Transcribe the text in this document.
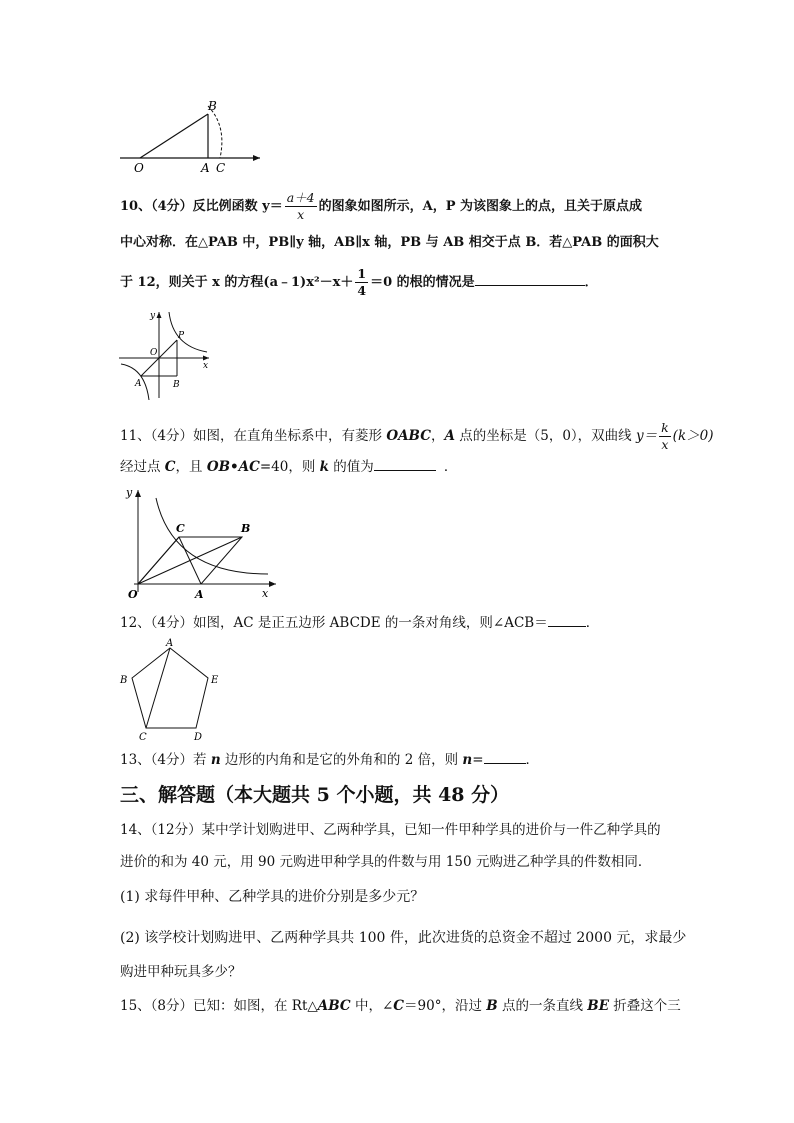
B
O	A C
10、（4分）反比例函数 $y= \frac{a+4}{x}$ 的图象如图所示，A，P 为该图象上的点，且关于原点成
中心对称．在△PAB 中，PB∥y 轴，AB∥x 轴，PB 与 AB 相交于点 B．若△PAB 的面积大
于 12，则关于 x 的方程(a﹣1)x²－x＋ $\frac{1}{4} =0$ 的根的情况是	．
y
P
O
x
A	B
11、（4分）如图，在直角坐标系中，有菱形 OABC，A 点的坐标是（5，0），双曲线 $y= \frac{k}{x} (k>0)$
经过点 C，且 OB•AC=40，则 k 的值为	．
y
C	B
O	A	x
12、（4分）如图，AC 是正五边形 ABCDE 的一条对角线，则∠ACB＝	．
A
B	E
C	D
13、（4分）若 n 边形的内角和是它的外角和的 2 倍，则 n=	．
三、解答题（本大题共 5 个小题，共 48 分）
14、（12分）某中学计划购进甲、乙两种学具，已知一件甲种学具的进价与一件乙种学具的
进价的和为 40 元，用 90 元购进甲种学具的件数与用 150 元购进乙种学具的件数相同．
(1) 求每件甲种、乙种学具的进价分别是多少元？
(2) 该学校计划购进甲、乙两种学具共 100 件，此次进货的总资金不超过 2000 元，求最少
购进甲种玩具多少？
15、（8分）已知：如图，在 Rt△ABC 中，∠C＝90°，沿过 B 点的一条直线 BE 折叠这个三
